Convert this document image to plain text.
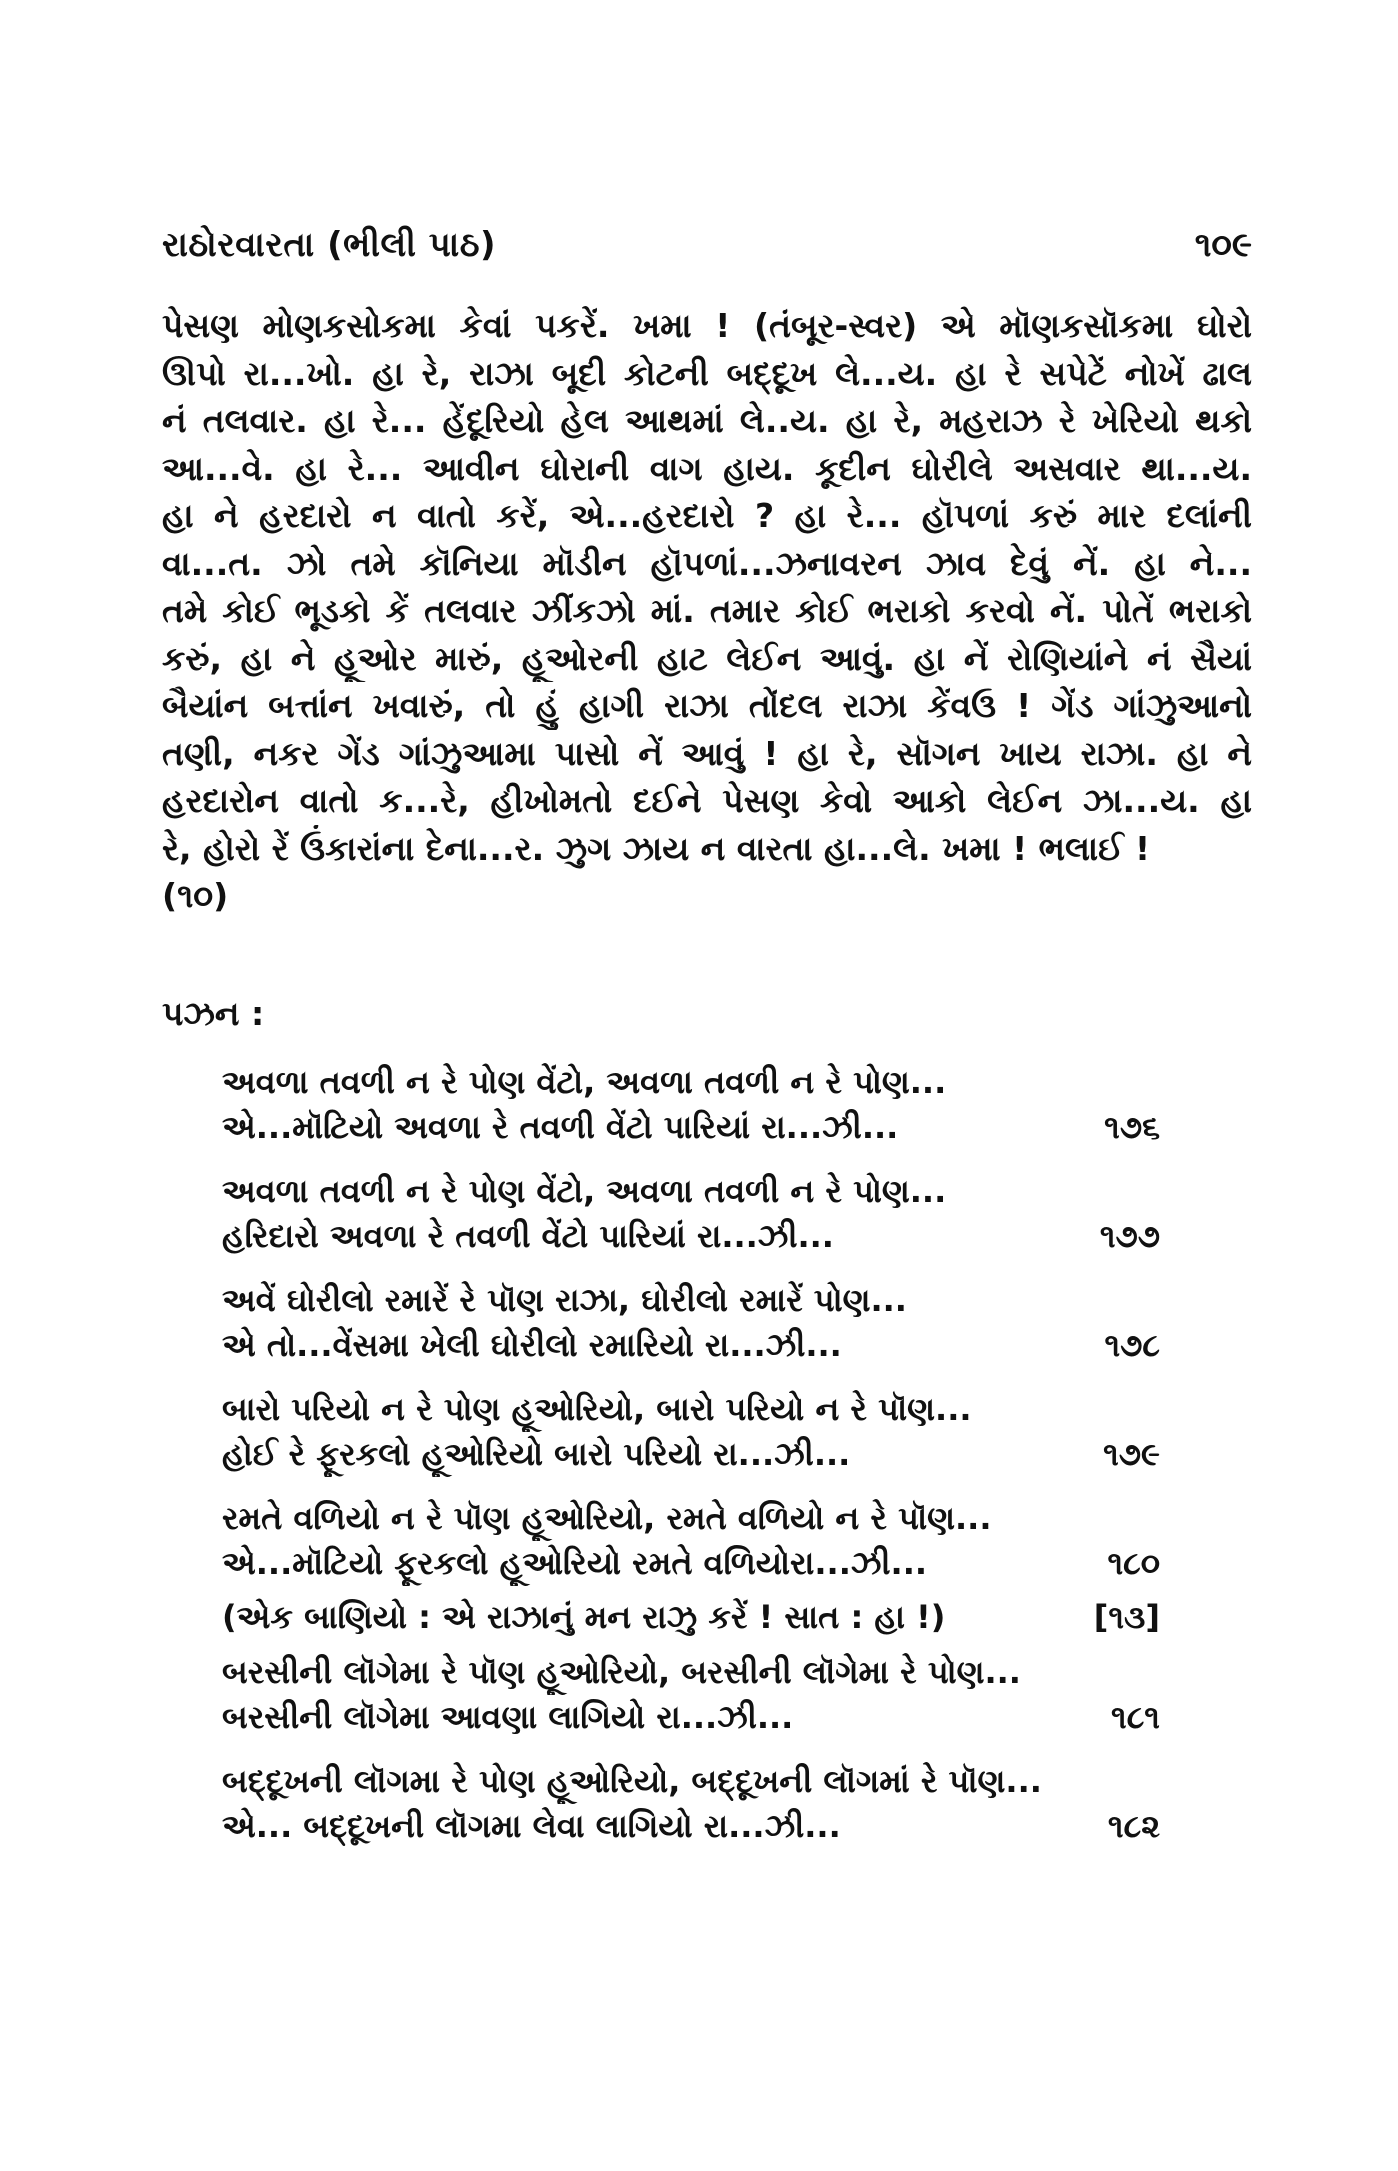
રાઠોરવારતા (ભીલી પાઠ)	૧૦૯
પેસણ મોણકસોકમા કેવાં પકરેં. ખમા ! (તંબૂર-સ્વર) એ મૉણકસૉકમા ઘોરો
ઊપો રા...ખો. હા રે, રાઝા બૂદી કોટની બદ્દૂખ લે...ય. હા રે સપેટેં નોખેં ઢાલ
નં તલવાર. હા રે... હેંદૂરિયો હેલ આથમાં લે..ય. હા રે, મહરાઝ રે ખેરિયો થકો
આ...વે. હા રે... આવીન ઘોરાની વાગ હાય. કૂદીન ઘોરીલે અસવાર થા...ય.
હા ને હરદારો ન વાતો કરેં, એ...હરદારો ? હા રે... હૉપળાં કરું માર દલાંની
વા...ત. ઝો તમે કૉનિયા મૉડીન હૉપળાં...ઝનાવરન ઝાવ દેવું નેં. હા ને...
તમે કોઈ ભૂડકો કેં તલવાર ઝીંકઝો માં. તમાર કોઈ ભરાકો કરવો નેં. પોતેં ભરાકો
કરું, હા ને હૂઓર મારું, હૂઓરની હાટ લેઈન આવું. હા નેં રોણિયાંને નં સૈયાં
બૈયાંન બત્તાંન ખવારું, તો હું હાગી રાઝા તોંદલ રાઝા કેંવઉ ! ગેંડ ગાંઝુઆનો
તણી, નકર ગેંડ ગાંઝુઆમા પાસો નેં આવું ! હા રે, સૉગન ખાય રાઝા. હા ને
હરદારોન વાતો ક...રે, હીખોમતો દઈને પેસણ કેવો આકો લેઈન ઝા...ય. હા
રે, હોરો રેં ઉંકારાંના દેના...ર. ઝુગ ઝાય ન વારતા હા...લે. ખમા ! ભલાઈ !
(૧૦)
પઝન :
અવળા તવળી ન રે પોણ વેંટો, અવળા તવળી ન રે પોણ...
એ...મૉટિયો અવળા રે તવળી વેંટો પારિયાં રા...ઝી...	૧૭૬
અવળા તવળી ન રે પોણ વેંટો, અવળા તવળી ન રે પોણ...
હરિદારો અવળા રે તવળી વેંટો પારિયાં રા...ઝી...	૧૭૭
અવેં ઘોરીલો રમારેં રે પૉણ રાઝા, ઘોરીલો રમારેં પોણ...
એ તો...વેંસમા ખેલી ઘોરીલો રમારિયો રા...ઝી...	૧૭૮
બારો પરિયો ન રે પોણ હૂઓરિયો, બારો પરિયો ન રે પૉણ...
હોઈ રે ફૂરકલો હૂઓરિયો બારો પરિયો રા...ઝી...	૧૭૯
રમતે વળિયો ન રે પૉણ હૂઓરિયો, રમતે વળિયો ન રે પૉણ...
એ...મૉટિયો ફૂરકલો હૂઓરિયો રમતે વળિયોરા...ઝી...	૧૮૦
(એક બાણિયો : એ રાઝાનું મન રાઝુ કરેં ! સાત : હા !)	[૧૩]
બરસીની લૉગેમા રે પૉણ હૂઓરિયો, બરસીની લૉગેમા રે પોણ...
બરસીની લૉગેમા આવણા લાગિયો રા...ઝી...	૧૮૧
બદ્દૂખની લૉગમા રે પોણ હૂઓરિયો, બદ્દૂખની લૉગમાં રે પૉણ...
એ... બદ્દૂખની લૉગમા લેવા લાગિયો રા...ઝી...	૧૮૨
